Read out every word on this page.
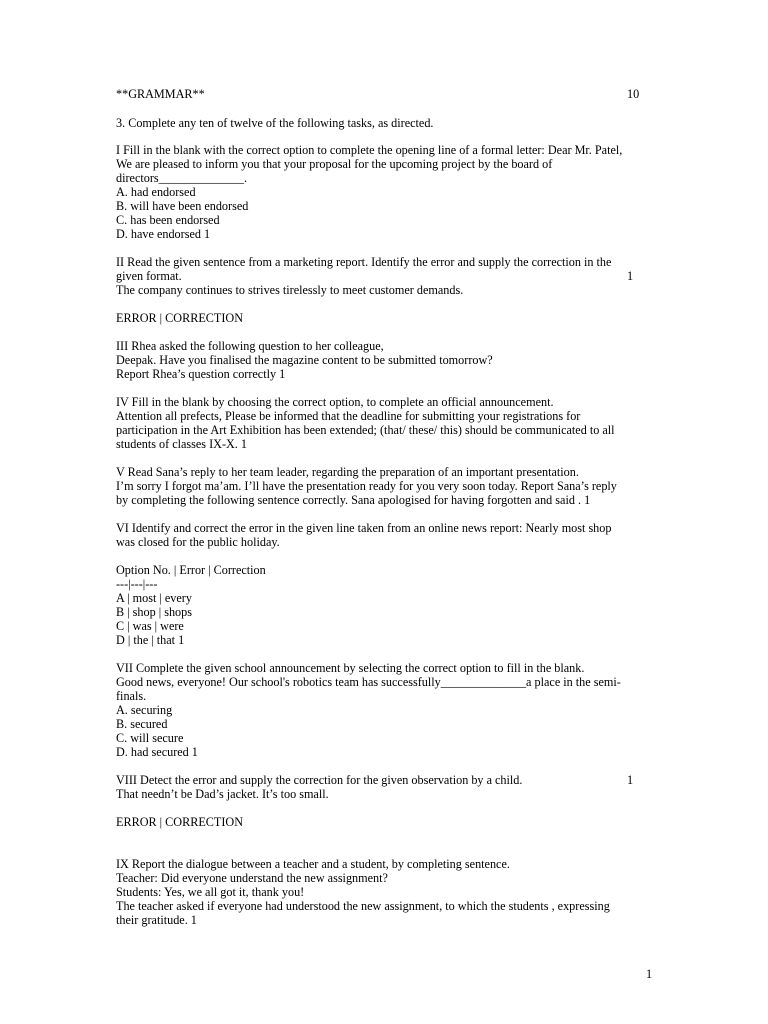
**GRAMMAR**	10
3. Complete any ten of twelve of the following tasks, as directed.
I Fill in the blank with the correct option to complete the opening line of a formal letter: Dear Mr. Patel,
We are pleased to inform you that your proposal for the upcoming project by the board of
directors______________.
A. had endorsed
B. will have been endorsed
C. has been endorsed
D. have endorsed 1
II Read the given sentence from a marketing report. Identify the error and supply the correction in the
given format.	1
The company continues to strives tirelessly to meet customer demands.
ERROR | CORRECTION
III Rhea asked the following question to her colleague,
Deepak. Have you finalised the magazine content to be submitted tomorrow?
Report Rhea’s question correctly 1
IV Fill in the blank by choosing the correct option, to complete an official announcement.
Attention all prefects, Please be informed that the deadline for submitting your registrations for
participation in the Art Exhibition has been extended; (that/ these/ this) should be communicated to all
students of classes IX-X. 1
V Read Sana’s reply to her team leader, regarding the preparation of an important presentation.
I’m sorry I forgot ma’am. I’ll have the presentation ready for you very soon today. Report Sana’s reply
by completing the following sentence correctly. Sana apologised for having forgotten and said . 1
VI Identify and correct the error in the given line taken from an online news report: Nearly most shop
was closed for the public holiday.
Option No. | Error | Correction
---|---|---
A | most | every
B | shop | shops
C | was | were
D | the | that 1
VII Complete the given school announcement by selecting the correct option to fill in the blank.
Good news, everyone! Our school's robotics team has successfully______________a place in the semi-
finals.
A. securing
B. secured
C. will secure
D. had secured 1
VIII Detect the error and supply the correction for the given observation by a child.	1
That needn’t be Dad’s jacket. It’s too small.
ERROR | CORRECTION
IX Report the dialogue between a teacher and a student, by completing sentence.
Teacher: Did everyone understand the new assignment?
Students: Yes, we all got it, thank you!
The teacher asked if everyone had understood the new assignment, to which the students , expressing
their gratitude. 1
1
